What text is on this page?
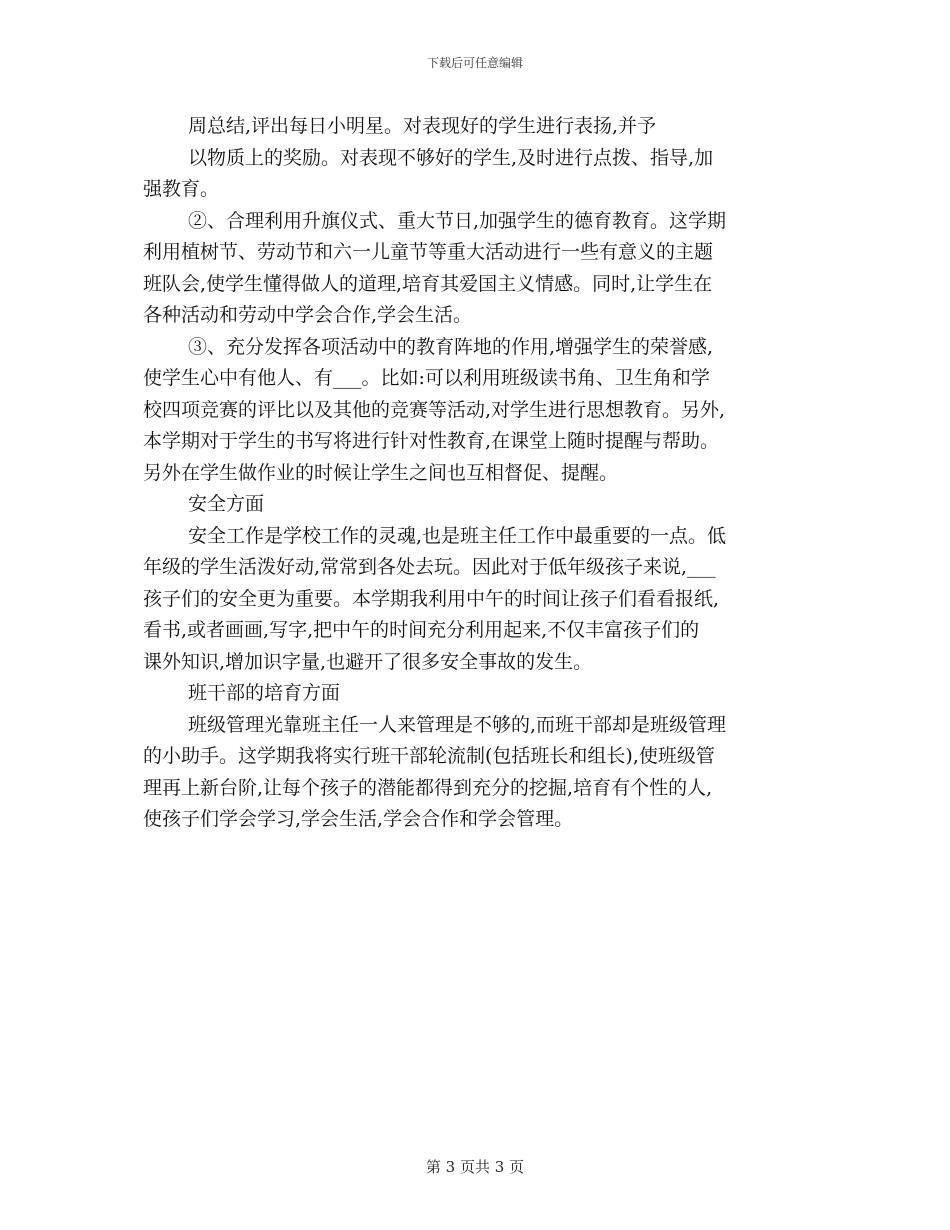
下载后可任意编辑
周总结,评出每日小明星。对表现好的学生进行表扬,并予
以物质上的奖励。对表现不够好的学生,及时进行点拨、指导,加
强教育。
②、合理利用升旗仪式、重大节日,加强学生的德育教育。这学期
利用植树节、劳动节和六一儿童节等重大活动进行一些有意义的主题
班队会,使学生懂得做人的道理,培育其爱国主义情感。同时,让学生在
各种活动和劳动中学会合作,学会生活。
③、充分发挥各项活动中的教育阵地的作用,增强学生的荣誉感,
使学生心中有他人、有___。比如:可以利用班级读书角、卫生角和学
校四项竞赛的评比以及其他的竞赛等活动,对学生进行思想教育。另外,
本学期对于学生的书写将进行针对性教育,在课堂上随时提醒与帮助。
另外在学生做作业的时候让学生之间也互相督促、提醒。
安全方面
安全工作是学校工作的灵魂,也是班主任工作中最重要的一点。低
年级的学生活泼好动,常常到各处去玩。因此对于低年级孩子来说,___
孩子们的安全更为重要。本学期我利用中午的时间让孩子们看看报纸,
看书,或者画画,写字,把中午的时间充分利用起来,不仅丰富孩子们的
课外知识,增加识字量,也避开了很多安全事故的发生。
班干部的培育方面
班级管理光靠班主任一人来管理是不够的,而班干部却是班级管理
的小助手。这学期我将实行班干部轮流制(包括班长和组长),使班级管
理再上新台阶,让每个孩子的潜能都得到充分的挖掘,培育有个性的人,
使孩子们学会学习,学会生活,学会合作和学会管理。
第 3 页共 3 页
